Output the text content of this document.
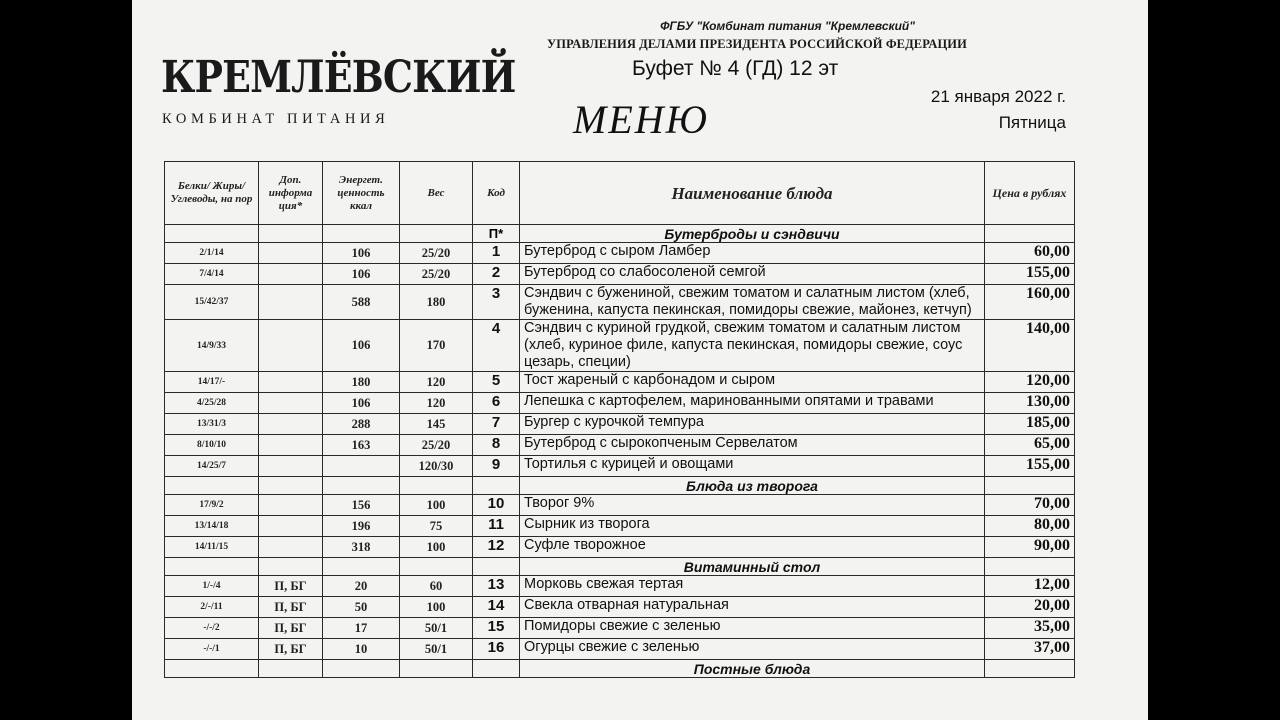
ФГБУ "Комбинат питания "Кремлевский"
УПРАВЛЕНИЯ ДЕЛАМИ ПРЕЗИДЕНТА РОССИЙСКОЙ ФЕДЕРАЦИИ
Буфет № 4 (ГД) 12 эт
КРЕМЛЁВСКИЙ
КОМБИНАТ ПИТАНИЯ	МЕНЮ
21 января 2022 г.
Пятница
Белки/ Жиры/ Углеводы, на пор	Доп. информа ция*	Энергет. ценность ккал	Вес	Код	Наименование блюда	Цена в рублях
				П*	Бутерброды и сэндвичи	
2/1/14		106	25/20	1	Бутерброд с сыром Ламбер	60,00
7/4/14		106	25/20	2	Бутерброд со слабосоленой семгой	155,00
15/42/37		588	180	3	Сэндвич с бужениной, свежим томатом и салатным листом (хлеб, буженина, капуста пекинская, помидоры свежие, майонез, кетчуп)	160,00
14/9/33		106	170	4	Сэндвич с куриной грудкой, свежим томатом и салатным листом (хлеб, куриное филе, капуста пекинская, помидоры свежие, соус цезарь, специи)	140,00
14/17/-		180	120	5	Тост жареный с карбонадом и сыром	120,00
4/25/28		106	120	6	Лепешка с картофелем, маринованными опятами и травами	130,00
13/31/3		288	145	7	Бургер с курочкой темпура	185,00
8/10/10		163	25/20	8	Бутерброд с сырокопченым Сервелатом	65,00
14/25/7			120/30	9	Тортилья с курицей и овощами	155,00
					Блюда из творога	
17/9/2		156	100	10	Творог 9%	70,00
13/14/18		196	75	11	Сырник из творога	80,00
14/11/15		318	100	12	Суфле творожное	90,00
					Витаминный стол	
1/-/4	П, БГ	20	60	13	Морковь свежая тертая	12,00
2/-/11	П, БГ	50	100	14	Свекла отварная натуральная	20,00
-/-/2	П, БГ	17	50/1	15	Помидоры свежие с зеленью	35,00
-/-/1	П, БГ	10	50/1	16	Огурцы свежие с зеленью	37,00
					Постные блюда	
